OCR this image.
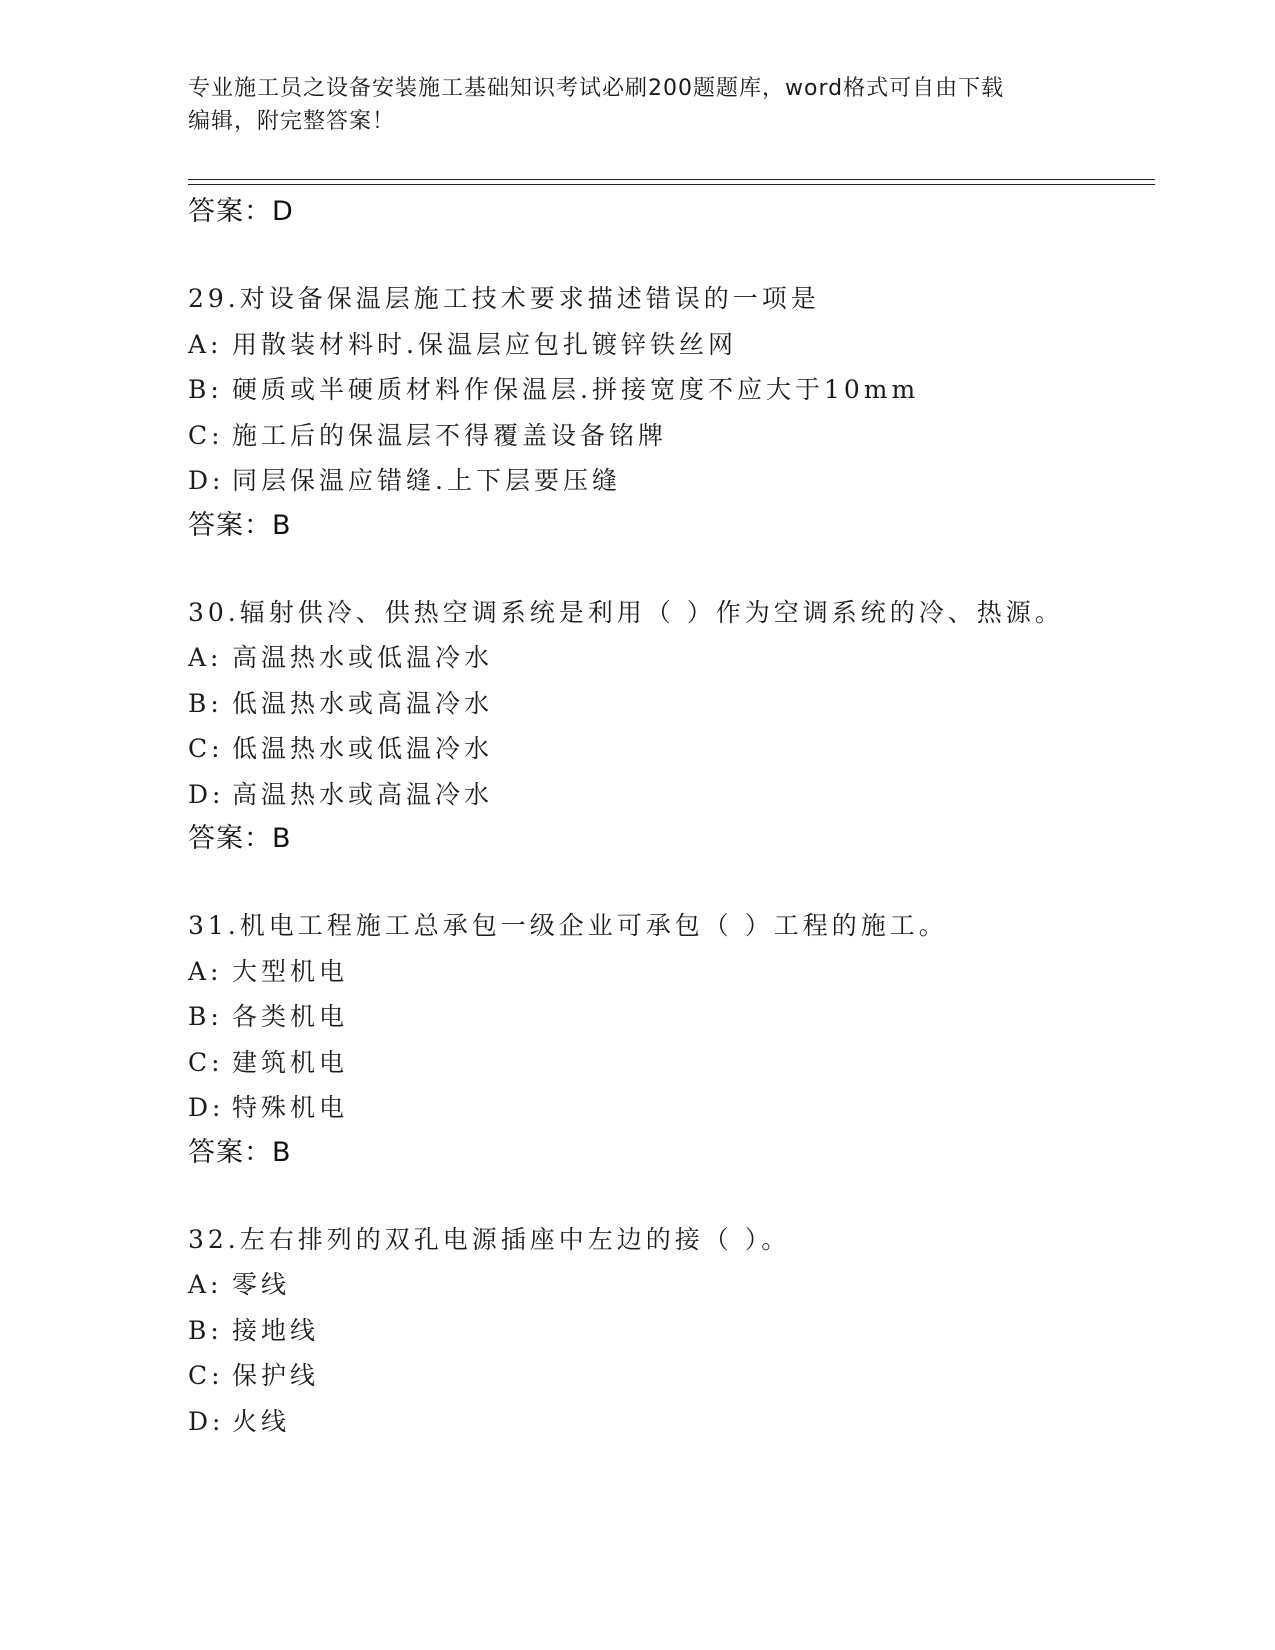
专业施工员之设备安装施工基础知识考试必刷200题题库，word格式可自由下载
编辑，附完整答案！
答案：D
29.对设备保温层施工技术要求描述错误的一项是
A: 用散装材料时.保温层应包扎镀锌铁丝网
B: 硬质或半硬质材料作保温层.拼接宽度不应大于10mm
C: 施工后的保温层不得覆盖设备铭牌
D: 同层保温应错缝.上下层要压缝
答案：B
30.辐射供冷、供热空调系统是利用（ ）作为空调系统的冷、热源。
A: 高温热水或低温冷水
B: 低温热水或高温冷水
C: 低温热水或低温冷水
D: 高温热水或高温冷水
答案：B
31.机电工程施工总承包一级企业可承包（ ）工程的施工。
A: 大型机电
B: 各类机电
C: 建筑机电
D: 特殊机电
答案：B
32.左右排列的双孔电源插座中左边的接（ ）。
A: 零线
B: 接地线
C: 保护线
D: 火线
